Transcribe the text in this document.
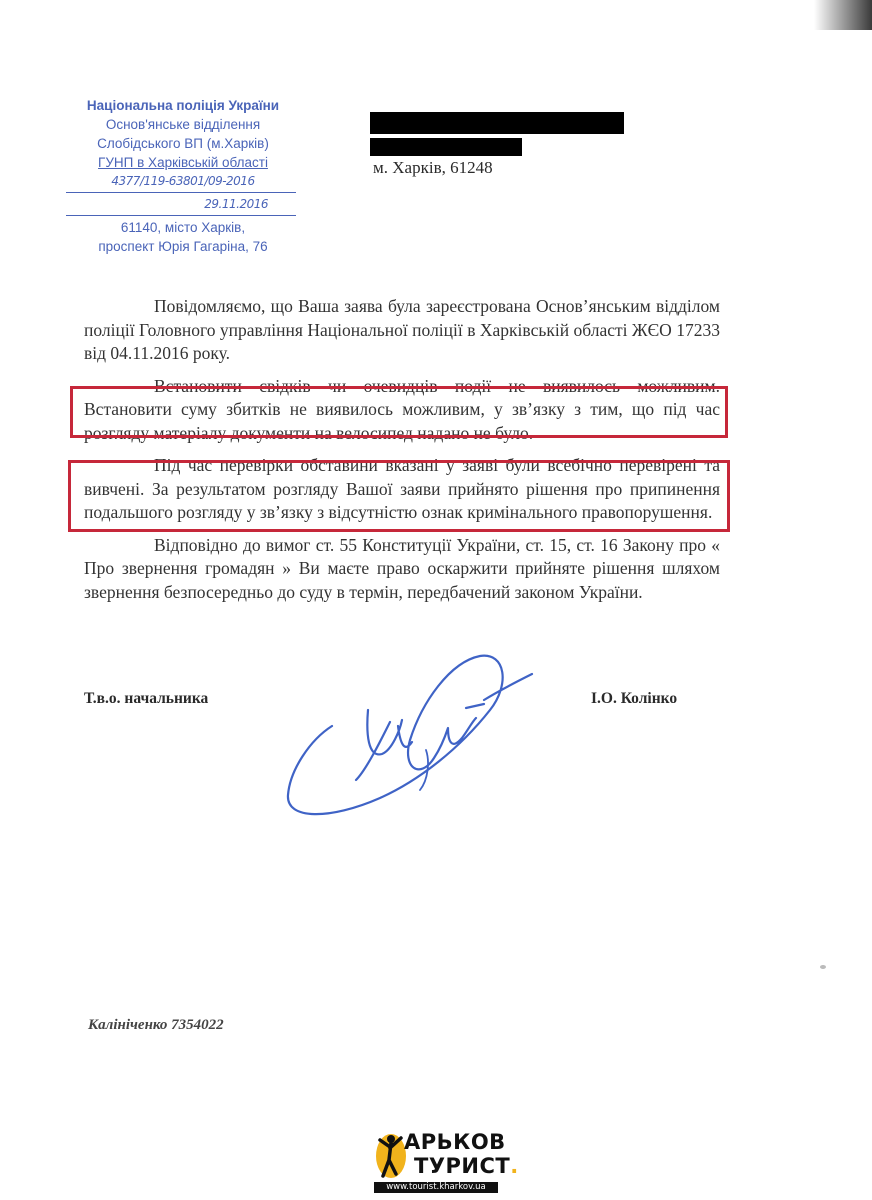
Національна поліція України
Основ'янське відділення
Слобідського ВП (м.Харків)
ГУНП в Харківській області
4377/119-63801/09-2016
29.11.2016
61140, місто Харків,
проспект Юрія Гагаріна, 76
м. Харків, 61248

Повідомляємо, що Ваша заява була зареєстрована Основ’янським відділом поліції Головного управління Національної поліції в Харківській області ЖЄО 17233 від 04.11.2016 року.

Встановити свідків чи очевидців події не виявилось можливим. Встановити суму збитків не виявилось можливим, у зв’язку з тим, що під час розгляду матеріалу документи на велосипед надано не було.

Під час перевірки обставини вказані у заяві були всебічно перевірені та вивчені. За результатом розгляду Вашої заяви прийнято рішення про припинення подальшого розгляду у зв’язку з відсутністю ознак кримінального правопорушення.

Відповідно до вимог ст. 55 Конституції України, ст. 15, ст. 16 Закону про « Про звернення громадян » Ви маєте право оскаржити прийняте рішення шляхом звернення безпосередньо до суду в термін, передбачений законом України.

Т.в.о. начальника	І.О. Колінко
Калініченко 7354022
АРЬКОВ
ТУРИСТ.
www.tourist.kharkov.ua
